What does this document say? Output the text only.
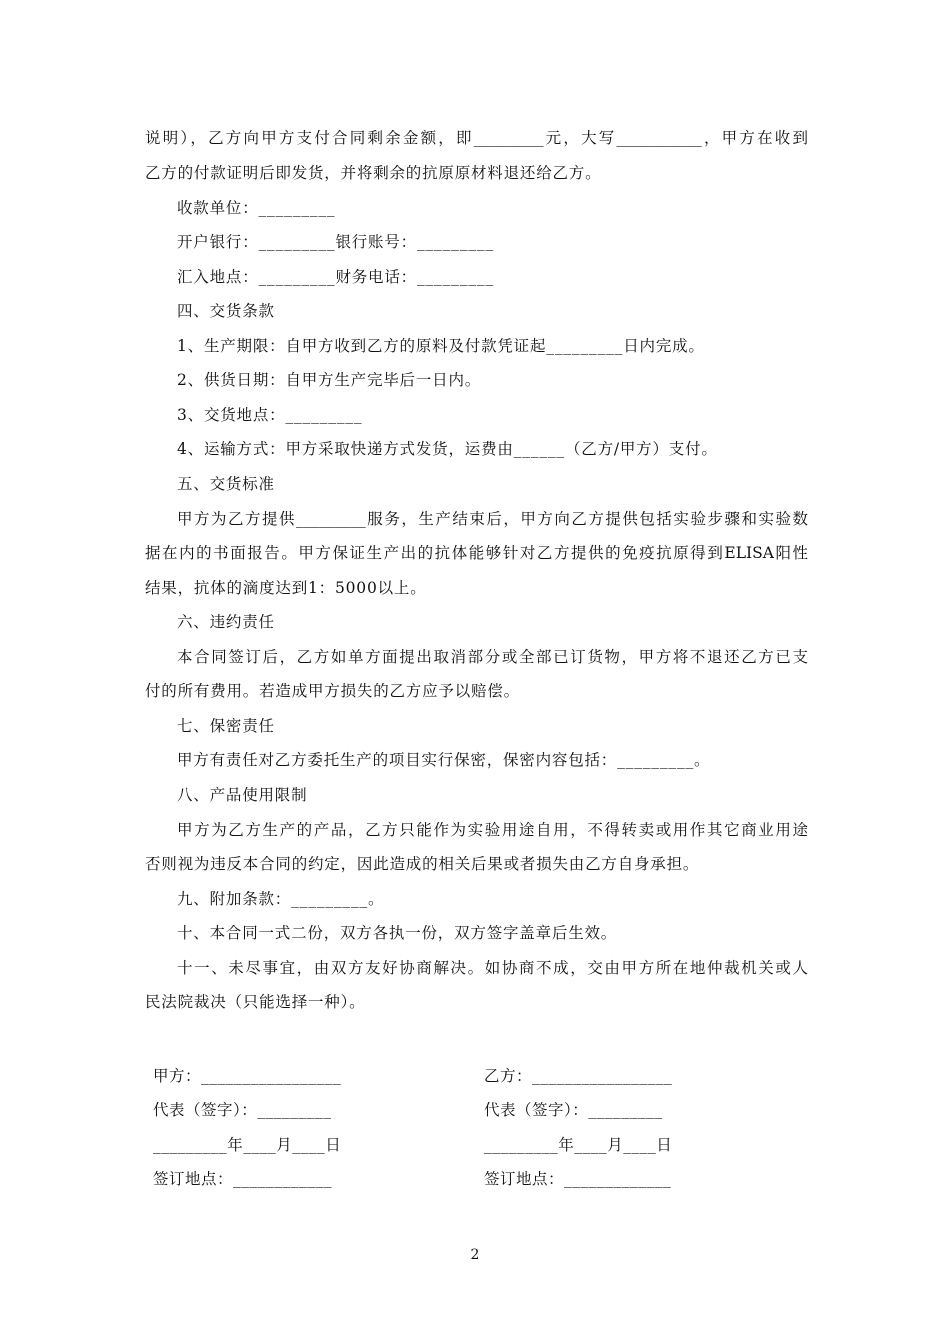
说明），乙方向甲方支付合同剩余金额，即_________元，大写___________，甲方在收到
乙方的付款证明后即发货，并将剩余的抗原原材料退还给乙方。
收款单位：_________
开户银行：_________银行账号：_________
汇入地点：_________财务电话：_________
四、交货条款
1、生产期限：自甲方收到乙方的原料及付款凭证起_________日内完成。
2、供货日期：自甲方生产完毕后一日内。
3、交货地点：_________
4、运输方式：甲方采取快递方式发货，运费由______（乙方/甲方）支付。
五、交货标准
甲方为乙方提供_________服务，生产结束后，甲方向乙方提供包括实验步骤和实验数
据在内的书面报告。甲方保证生产出的抗体能够针对乙方提供的免疫抗原得到ELISA阳性
结果，抗体的滴度达到1：5000以上。
六、违约责任
本合同签订后，乙方如单方面提出取消部分或全部已订货物，甲方将不退还乙方已支
付的所有费用。若造成甲方损失的乙方应予以赔偿。
七、保密责任
甲方有责任对乙方委托生产的项目实行保密，保密内容包括：_________。
八、产品使用限制
甲方为乙方生产的产品，乙方只能作为实验用途自用，不得转卖或用作其它商业用途
否则视为违反本合同的约定，因此造成的相关后果或者损失由乙方自身承担。
九、附加条款：_________。
十、本合同一式二份，双方各执一份，双方签字盖章后生效。
十一、未尽事宜，由双方友好协商解决。如协商不成，交由甲方所在地仲裁机关或人
民法院裁决（只能选择一种）。
甲方：_________________
代表（签字）：_________
_________年____月____日
签订地点：____________
乙方：_________________
代表（签字）：_________
_________年____月____日
签订地点：_____________
2
